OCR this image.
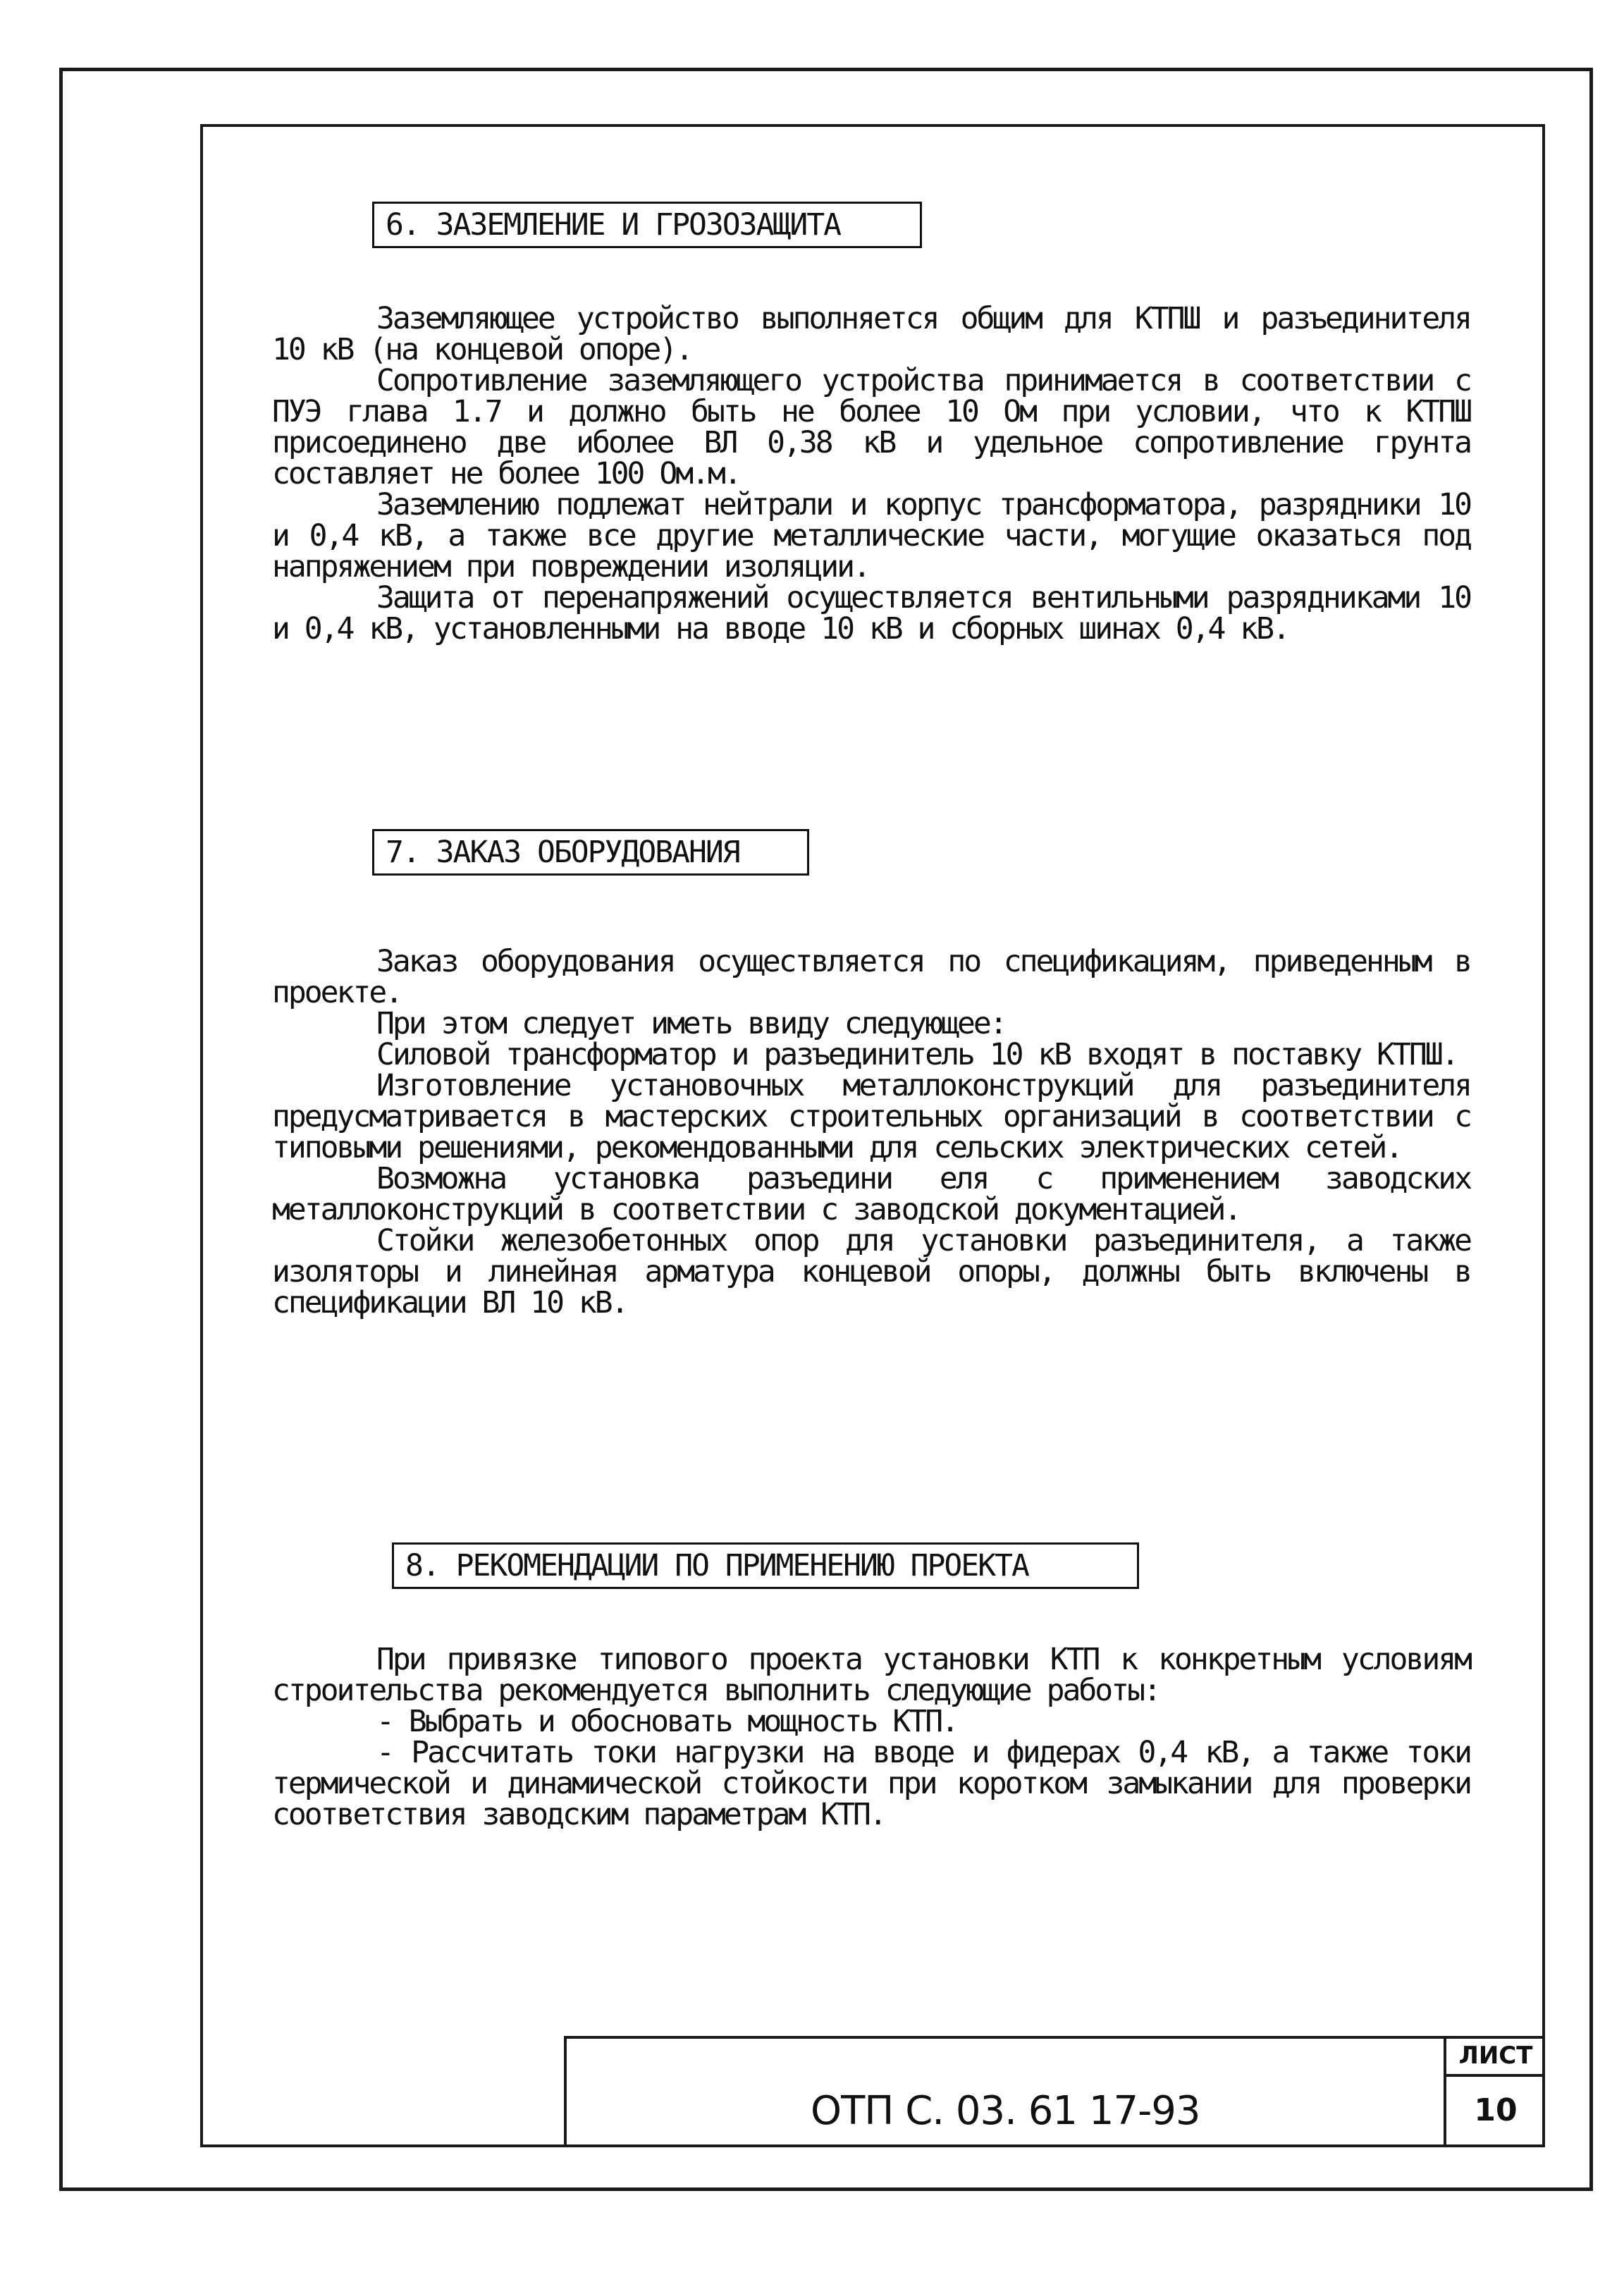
6. ЗАЗЕМЛЕНИЕ И ГРОЗОЗАЩИТА

Заземляющее устройство выполняется общим для КТПШ и разъединителя 10 кВ (на концевой опоре).

Сопротивление заземляющего устройства принимается в соответствии с ПУЭ глава 1.7 и должно быть не более 10 Ом при условии, что к КТПШ присоединено две иболее ВЛ 0,38 кВ и удельное сопротивление грунта составляет не более 100 Ом.м.

Заземлению подлежат нейтрали и корпус трансформатора, разрядники 10 и 0,4 кВ, а также все другие металлические части, могущие оказаться под напряжением при повреждении изоляции.

Защита от перенапряжений осуществляется вентильными разрядниками 10 и 0,4 кВ, установленными на вводе 10 кВ и сборных шинах 0,4 кВ.

7. ЗАКАЗ ОБОРУДОВАНИЯ

Заказ оборудования осуществляется по спецификациям, приведенным в проекте.

При этом следует иметь ввиду следующее:

Силовой трансформатор и разъединитель 10 кВ входят в поставку КТПШ.

Изготовление установочных металлоконструкций для разъединителя предусматривается в мастерских строительных организаций в соответствии с типовыми решениями, рекомендованными для сельских электрических сетей.

Возможна установка разъедини еля с применением заводских металлоконструкций в соответствии с заводской документацией.

Стойки железобетонных опор для установки разъединителя, а также изоляторы и линейная арматура концевой опоры, должны быть включены в спецификации ВЛ 10 кВ.

8. РЕКОМЕНДАЦИИ ПО ПРИМЕНЕНИЮ ПРОЕКТА

При привязке типового проекта установки КТП к конкретным условиям строительства рекомендуется выполнить следующие работы:

- Выбрать и обосновать мощность КТП.

- Рассчитать токи нагрузки на вводе и фидерах 0,4 кВ, а также токи термической и динамической стойкости при коротком замыкании для проверки соответствия заводским параметрам КТП.

ОТП С. 03. 61 17-93
ЛИСТ
10
